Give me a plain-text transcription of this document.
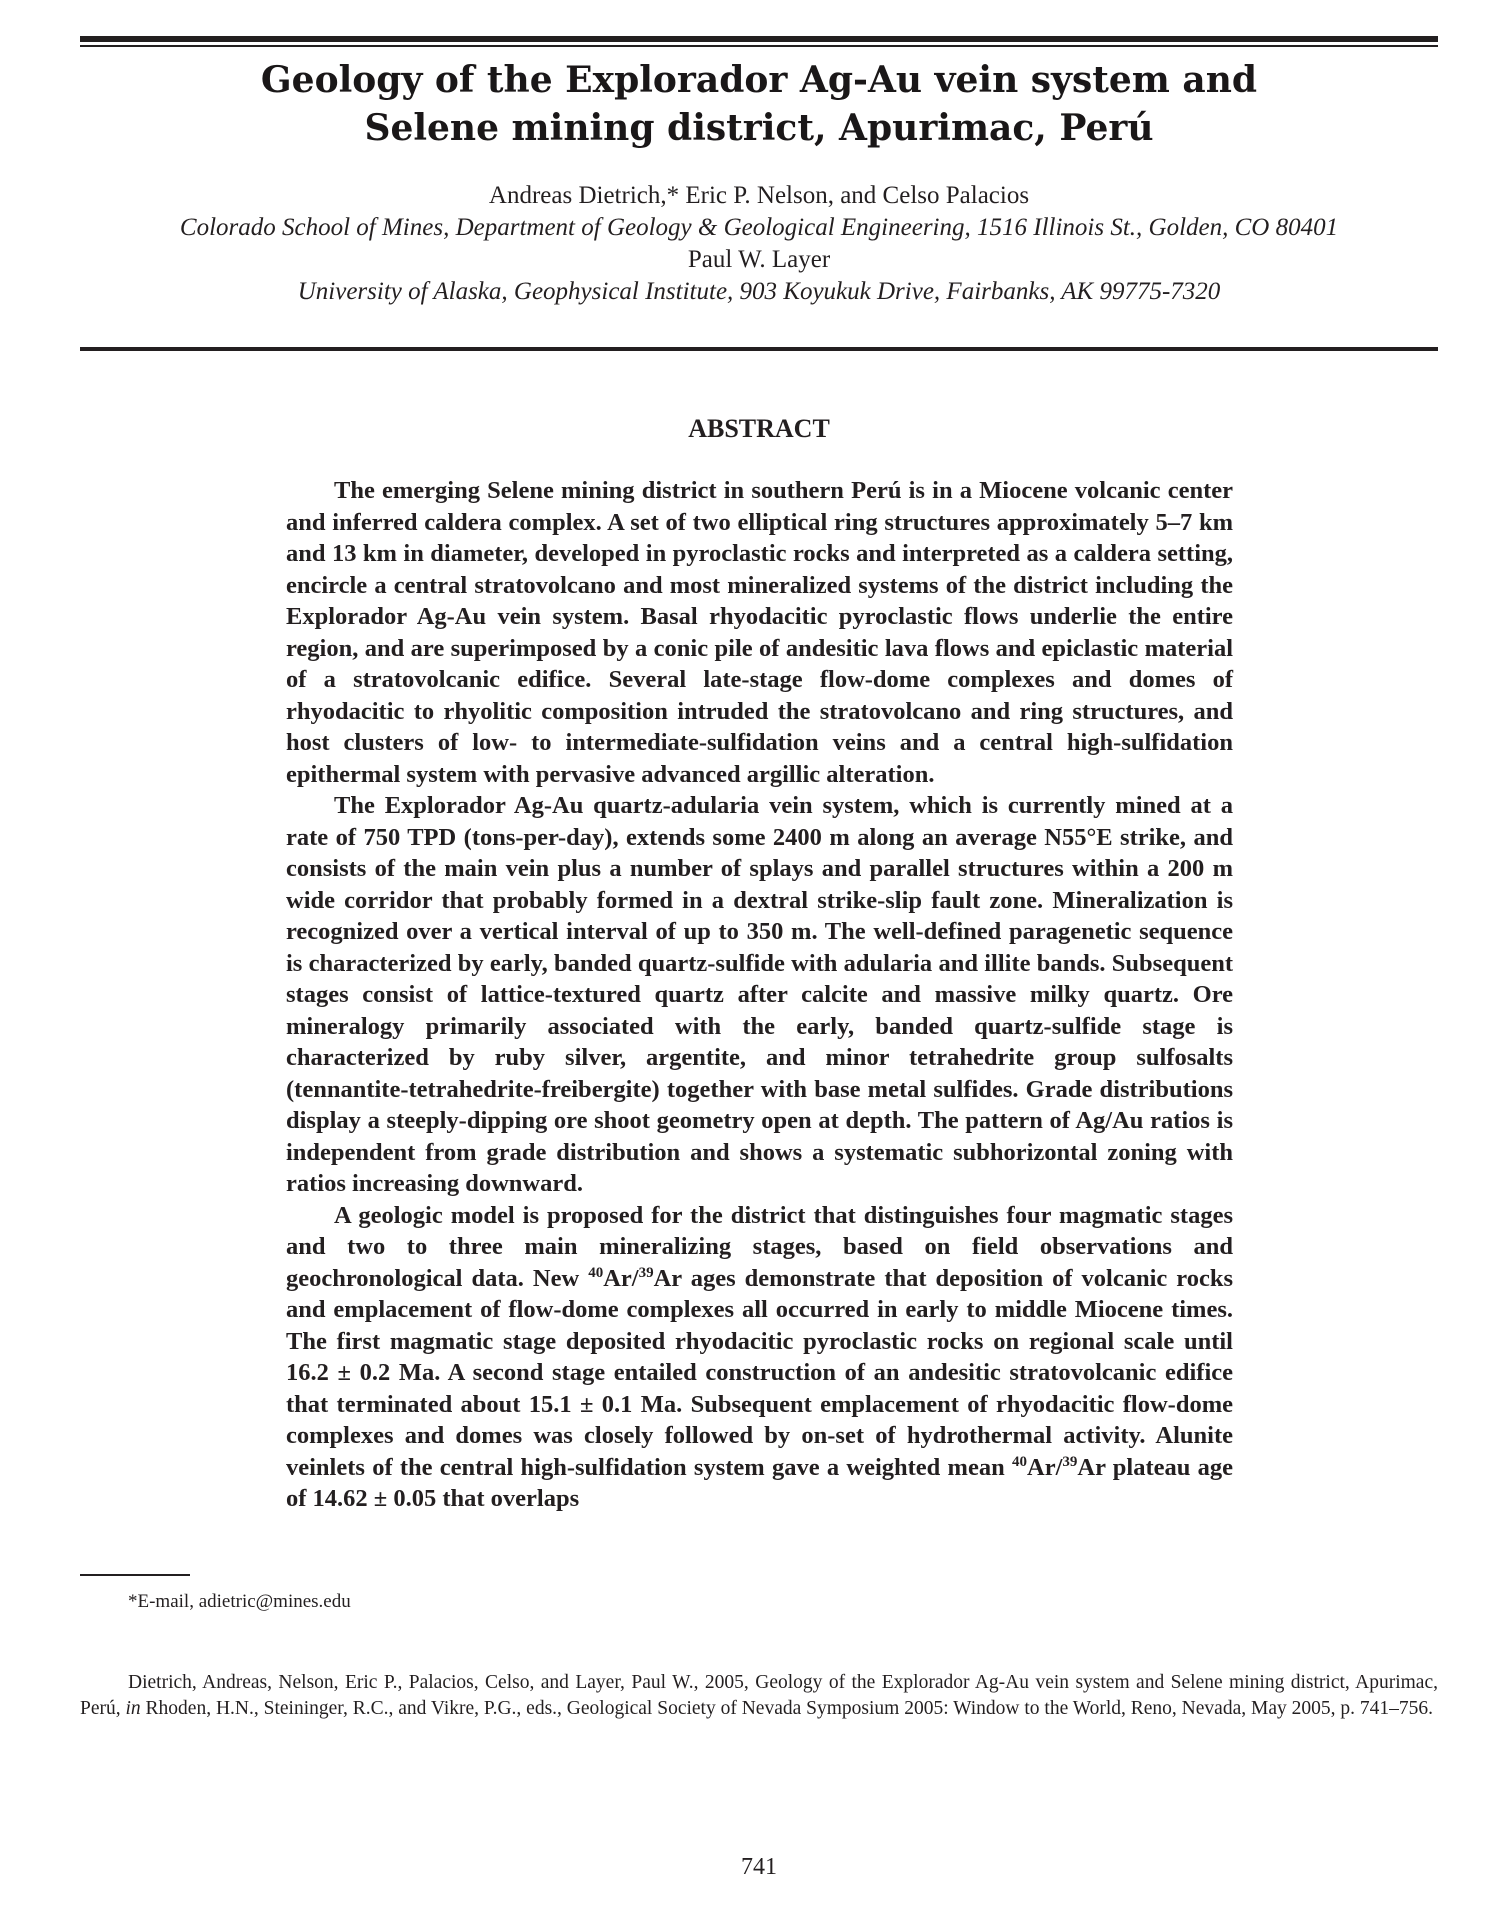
Geology of the Explorador Ag-Au vein system and
Selene mining district, Apurimac, Perú
Andreas Dietrich,* Eric P. Nelson, and Celso Palacios
Colorado School of Mines, Department of Geology & Geological Engineering, 1516 Illinois St., Golden, CO 80401
Paul W. Layer
University of Alaska, Geophysical Institute, 903 Koyukuk Drive, Fairbanks, AK 99775-7320
ABSTRACT

The emerging Selene mining district in southern Perú is in a Miocene volcanic center and inferred caldera complex. A set of two elliptical ring structures approximately 5–7 km and 13 km in diameter, developed in pyroclastic rocks and interpreted as a caldera setting, encircle a central stratovolcano and most mineralized systems of the district including the Explorador Ag-Au vein system. Basal rhyodacitic pyroclastic flows underlie the entire region, and are superimposed by a conic pile of andesitic lava flows and epiclastic material of a stratovolcanic edifice. Several late-stage flow-dome complexes and domes of rhyodacitic to rhyolitic composition intruded the stratovolcano and ring structures, and host clusters of low- to intermediate-sulfidation veins and a central high-sulfidation epithermal system with pervasive advanced argillic alteration.

The Explorador Ag-Au quartz-adularia vein system, which is currently mined at a rate of 750 TPD (tons-per-day), extends some 2400 m along an average N55°E strike, and consists of the main vein plus a number of splays and parallel structures within a 200 m wide corridor that probably formed in a dextral strike-slip fault zone. Mineralization is recognized over a vertical interval of up to 350 m. The well-defined paragenetic sequence is characterized by early, banded quartz-sulfide with adularia and illite bands. Subsequent stages consist of lattice-textured quartz after calcite and massive milky quartz. Ore mineralogy primarily associated with the early, banded quartz-sulfide stage is characterized by ruby silver, argentite, and minor tetrahedrite group sulfosalts (tennantite-tetrahedrite-freibergite) together with base metal sulfides. Grade distributions display a steeply-dipping ore shoot geometry open at depth. The pattern of Ag/Au ratios is independent from grade distribution and shows a systematic subhorizontal zoning with ratios increasing downward.

A geologic model is proposed for the district that distinguishes four magmatic stages and two to three main mineralizing stages, based on field observations and geochronological data. New $^{40}$Ar/$^{39}$Ar ages demonstrate that deposition of volcanic rocks and emplacement of flow-dome complexes all occurred in early to middle Miocene times. The first magmatic stage deposited rhyodacitic pyroclastic rocks on regional scale until 16.2 ± 0.2 Ma. A second stage entailed construction of an andesitic stratovolcanic edifice that terminated about 15.1 ± 0.1 Ma. Subsequent emplacement of rhyodacitic flow-dome complexes and domes was closely followed by on-set of hydrothermal activity. Alunite veinlets of the central high-sulfidation system gave a weighted mean $^{40}$Ar/$^{39}$Ar plateau age of 14.62 ± 0.05 that overlaps

*E-mail, adietric@mines.edu
Dietrich, Andreas, Nelson, Eric P., Palacios, Celso, and Layer, Paul W., 2005, Geology of the Explorador Ag-Au vein system and Selene mining district, Apurimac, Perú, in Rhoden, H.N., Steininger, R.C., and Vikre, P.G., eds., Geological Society of Nevada Symposium 2005: Window to the World, Reno, Nevada, May 2005, p. 741–756.
741
